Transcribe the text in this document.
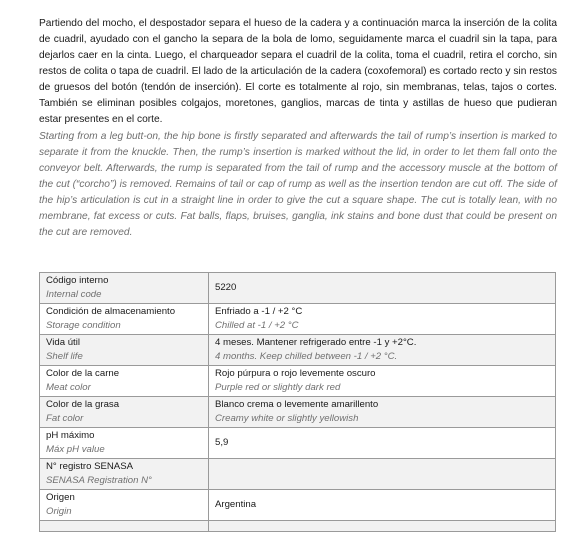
Partiendo del mocho, el despostador separa el hueso de la cadera y a continuación marca la inserción de la colita de cuadril, ayudado con el gancho la separa de la bola de lomo, seguidamente marca el cuadril sin la tapa, para dejarlos caer en la cinta. Luego, el charqueador separa el cuadril de la colita, toma el cuadril, retira el corcho, sin restos de colita o tapa de cuadril. El lado de la articulación de la cadera (coxofemoral) es cortado recto y sin restos de gruesos del botón (tendón de inserción). El corte es totalmente al rojo, sin membranas, telas, tajos o cortes. También se eliminan posibles colgajos, moretones, ganglios, marcas de tinta y astillas de hueso que pudieran estar presentes en el corte.

Starting from a leg butt-on, the hip bone is firstly separated and afterwards the tail of rump’s insertion is marked to separate it from the knuckle. Then, the rump’s insertion is marked without the lid, in order to let them fall onto the conveyor belt. Afterwards, the rump is separated from the tail of rump and the accessory muscle at the bottom of the cut (“corcho”) is removed. Remains of tail or cap of rump as well as the insertion tendon are cut off. The side of the hip’s articulation is cut in a straight line in order to give the cut a square shape. The cut is totally lean, with no membrane, fat excess or cuts. Fat balls, flaps, bruises, ganglia, ink stains and bone dust that could be present on the cut are removed.

Código interno
Internal code	5220

Condición de almacenamiento
Storage condition	Enfriado a -1 / +2 °C
Chilled at -1 / +2 °C

Vida útil
Shelf life	4 meses. Mantener refrigerado entre -1 y +2°C.
4 months. Keep chilled between -1 / +2 °C.

Color de la carne
Meat color	Rojo púrpura o rojo levemente oscuro
Purple red or slightly dark red

Color de la grasa
Fat color	Blanco crema o levemente amarillento
Creamy white or slightly yellowish

pH máximo
Máx pH value	5,9

N° registro SENASA
SENASA Registration N°	

Origen
Origin	Argentina
